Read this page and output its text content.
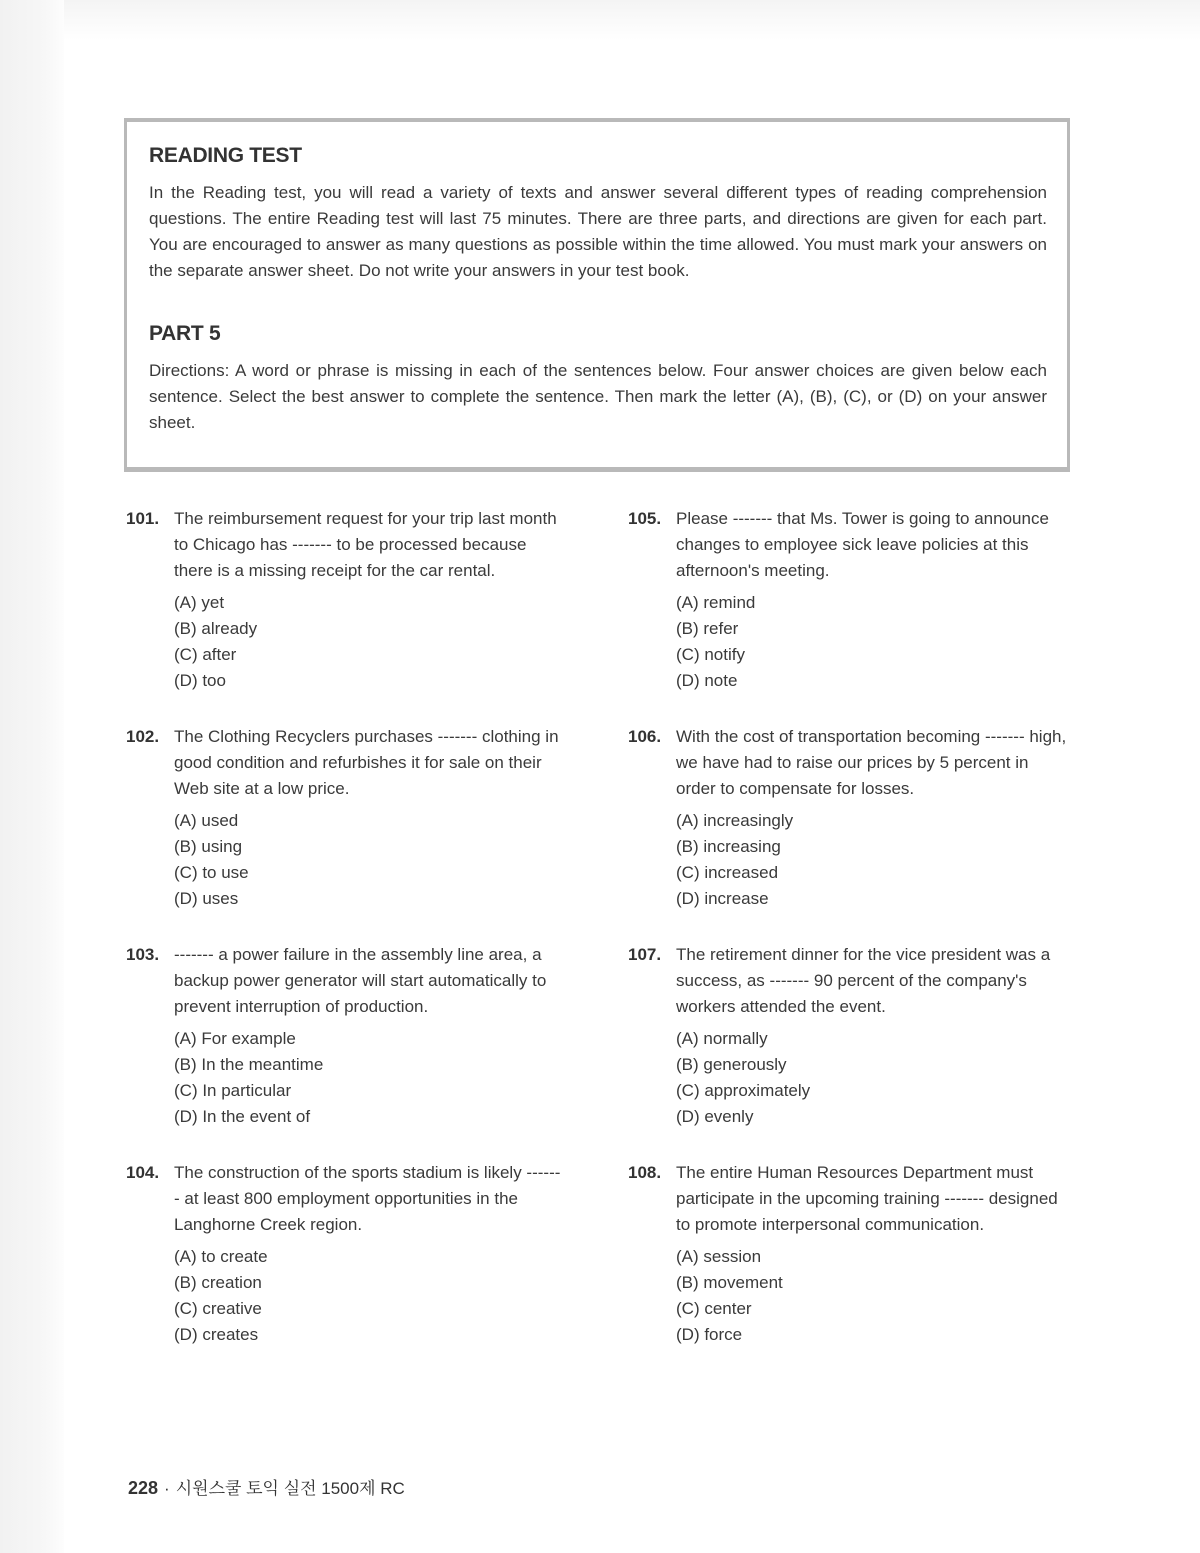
READING TEST

In the Reading test, you will read a variety of texts and answer several different types of reading comprehension questions. The entire Reading test will last 75 minutes. There are three parts, and directions are given for each part. You are encouraged to answer as many questions as possible within the time allowed. You must mark your answers on the separate answer sheet. Do not write your answers in your test book.

PART 5

Directions: A word or phrase is missing in each of the sentences below. Four answer choices are given below each sentence. Select the best answer to complete the sentence. Then mark the letter (A), (B), (C), or (D) on your answer sheet.

101. The reimbursement request for your trip last month to Chicago has ------- to be processed because there is a missing receipt for the car rental.
(A) yet
(B) already
(C) after
(D) too
102. The Clothing Recyclers purchases ------- clothing in good condition and refurbishes it for sale on their Web site at a low price.
(A) used
(B) using
(C) to use
(D) uses
103. ------- a power failure in the assembly line area, a backup power generator will start automatically to prevent interruption of production.
(A) For example
(B) In the meantime
(C) In particular
(D) In the event of
104. The construction of the sports stadium is likely ------- at least 800 employment opportunities in the Langhorne Creek region.
(A) to create
(B) creation
(C) creative
(D) creates
105. Please ------- that Ms. Tower is going to announce changes to employee sick leave policies at this afternoon's meeting.
(A) remind
(B) refer
(C) notify
(D) note
106. With the cost of transportation becoming ------- high, we have had to raise our prices by 5 percent in order to compensate for losses.
(A) increasingly
(B) increasing
(C) increased
(D) increase
107. The retirement dinner for the vice president was a success, as ------- 90 percent of the company's workers attended the event.
(A) normally
(B) generously
(C) approximately
(D) evenly
108. The entire Human Resources Department must participate in the upcoming training ------- designed to promote interpersonal communication.
(A) session
(B) movement
(C) center
(D) force
228 · 시원스쿨 토익 실전 1500제 RC
